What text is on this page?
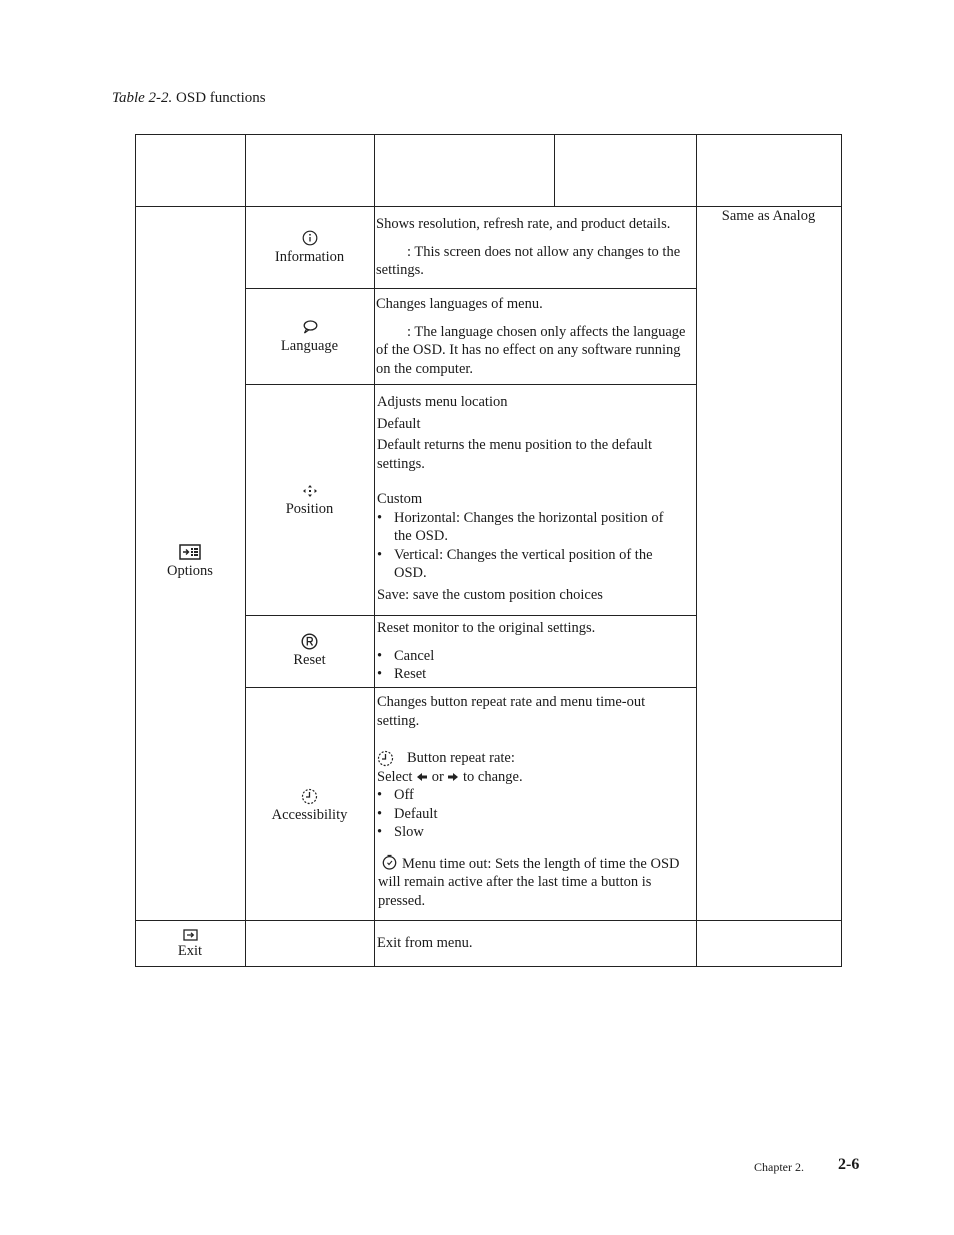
Table 2-2. OSD functions
Options
Same as Analog
Information

Shows resolution, refresh rate, and product details.

: This screen does not allow any changes to the settings.

Language

Changes languages of menu.

: The language chosen only affects the language of the OSD. It has no effect on any software running on the computer.

Position

Adjusts menu location

Default

Default returns the menu position to the default settings.

Custom

• Horizontal: Changes the horizontal position of the OSD.
• Vertical: Changes the vertical position of the OSD.

Save: save the custom position choices

Reset

Reset monitor to the original settings.

• Cancel
• Reset
Accessibility

Changes button repeat rate and menu time-out setting.

Button repeat rate:
Select or to change.
• Off
• Default
• Slow
Menu time out: Sets the length of time the OSD will remain active after the last time a button is pressed.
Exit	Exit from menu.
Chapter 2. 2-6
